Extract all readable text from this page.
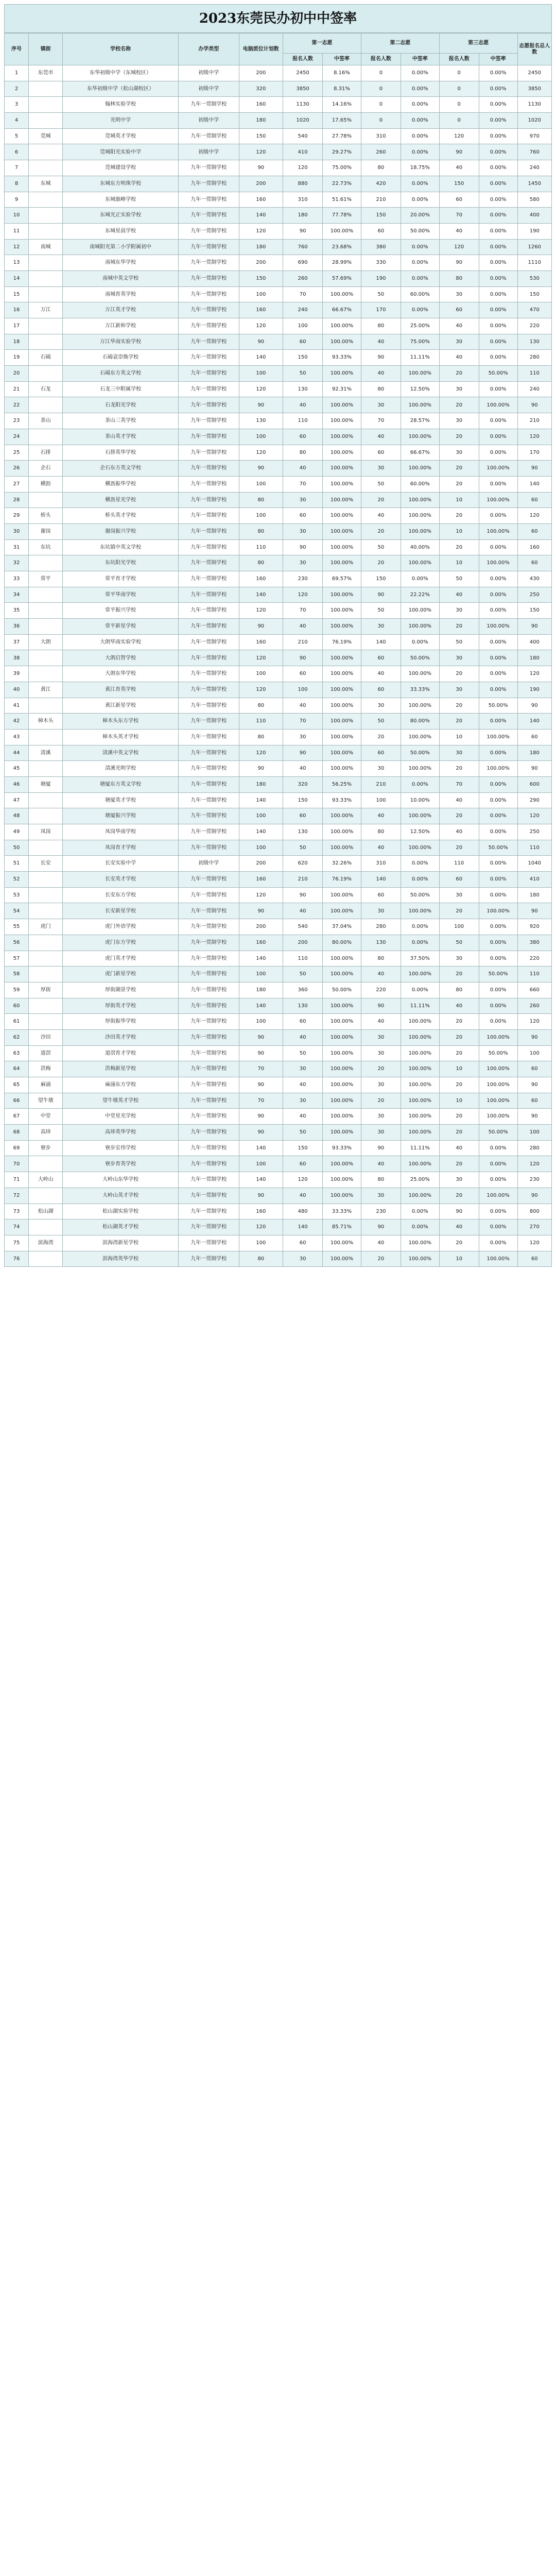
2023东莞民办初中中签率
序号	镇街	学校名称	办学类型	电脑派位计划数	第一志愿		第二志愿		第三志愿		志愿报名总人数
					报名人数	中签率	报名人数	中签率	报名人数	中签率	
1	东莞市	东华初级中学（东城校区）	初级中学	200	2450	8.16%	0	0.00%	0	0.00%	2450
2		东华初级中学（松山湖校区）	初级中学	320	3850	8.31%	0	0.00%	0	0.00%	3850
3		翰林实验学校	九年一贯制学校	160	1130	14.16%	0	0.00%	0	0.00%	1130
4		光明中学	初级中学	180	1020	17.65%	0	0.00%	0	0.00%	1020
5	莞城	莞城英才学校	九年一贯制学校	150	540	27.78%	310	0.00%	120	0.00%	970
6		莞城阳光实验中学	初级中学	120	410	29.27%	260	0.00%	90	0.00%	760
7		莞城建设学校	九年一贯制学校	90	120	75.00%	80	18.75%	40	0.00%	240
8	东城	东城东方明珠学校	九年一贯制学校	200	880	22.73%	420	0.00%	150	0.00%	1450
9		东城旗峰学校	九年一贯制学校	160	310	51.61%	210	0.00%	60	0.00%	580
10		东城光正实验学校	九年一贯制学校	140	180	77.78%	150	20.00%	70	0.00%	400
11		东城星晨学校	九年一贯制学校	120	90	100.00%	60	50.00%	40	0.00%	190
12	南城	南城阳光第二小学附属初中	九年一贯制学校	180	760	23.68%	380	0.00%	120	0.00%	1260
13		南城东华学校	九年一贯制学校	200	690	28.99%	330	0.00%	90	0.00%	1110
14		南城中英文学校	九年一贯制学校	150	260	57.69%	190	0.00%	80	0.00%	530
15		南城育英学校	九年一贯制学校	100	70	100.00%	50	60.00%	30	0.00%	150
16	万江	万江英才学校	九年一贯制学校	160	240	66.67%	170	0.00%	60	0.00%	470
17		万江新和学校	九年一贯制学校	120	100	100.00%	80	25.00%	40	0.00%	220
18		万江华南实验学校	九年一贯制学校	90	60	100.00%	40	75.00%	30	0.00%	130
19	石碣	石碣袁崇焕学校	九年一贯制学校	140	150	93.33%	90	11.11%	40	0.00%	280
20		石碣东方英文学校	九年一贯制学校	100	50	100.00%	40	100.00%	20	50.00%	110
21	石龙	石龙三中附属学校	九年一贯制学校	120	130	92.31%	80	12.50%	30	0.00%	240
22		石龙阳光学校	九年一贯制学校	90	40	100.00%	30	100.00%	20	100.00%	90
23	茶山	茶山三英学校	九年一贯制学校	130	110	100.00%	70	28.57%	30	0.00%	210
24		茶山英才学校	九年一贯制学校	100	60	100.00%	40	100.00%	20	0.00%	120
25	石排	石排英华学校	九年一贯制学校	120	80	100.00%	60	66.67%	30	0.00%	170
26	企石	企石东方英文学校	九年一贯制学校	90	40	100.00%	30	100.00%	20	100.00%	90
27	横沥	横沥振华学校	九年一贯制学校	100	70	100.00%	50	60.00%	20	0.00%	140
28		横沥星光学校	九年一贯制学校	80	30	100.00%	20	100.00%	10	100.00%	60
29	桥头	桥头英才学校	九年一贯制学校	100	60	100.00%	40	100.00%	20	0.00%	120
30	谢岗	谢岗振兴学校	九年一贯制学校	80	30	100.00%	20	100.00%	10	100.00%	60
31	东坑	东坑镇中英文学校	九年一贯制学校	110	90	100.00%	50	40.00%	20	0.00%	160
32		东坑阳光学校	九年一贯制学校	80	30	100.00%	20	100.00%	10	100.00%	60
33	常平	常平育才学校	九年一贯制学校	160	230	69.57%	150	0.00%	50	0.00%	430
34		常平华南学校	九年一贯制学校	140	120	100.00%	90	22.22%	40	0.00%	250
35		常平振兴学校	九年一贯制学校	120	70	100.00%	50	100.00%	30	0.00%	150
36		常平新星学校	九年一贯制学校	90	40	100.00%	30	100.00%	20	100.00%	90
37	大朗	大朗华南实验学校	九年一贯制学校	160	210	76.19%	140	0.00%	50	0.00%	400
38		大朗启智学校	九年一贯制学校	120	90	100.00%	60	50.00%	30	0.00%	180
39		大朗东华学校	九年一贯制学校	100	60	100.00%	40	100.00%	20	0.00%	120
40	黄江	黄江育英学校	九年一贯制学校	120	100	100.00%	60	33.33%	30	0.00%	190
41		黄江新星学校	九年一贯制学校	80	40	100.00%	30	100.00%	20	50.00%	90
42	樟木头	樟木头东方学校	九年一贯制学校	110	70	100.00%	50	80.00%	20	0.00%	140
43		樟木头英才学校	九年一贯制学校	80	30	100.00%	20	100.00%	10	100.00%	60
44	清溪	清溪中英文学校	九年一贯制学校	120	90	100.00%	60	50.00%	30	0.00%	180
45		清溪光明学校	九年一贯制学校	90	40	100.00%	30	100.00%	20	100.00%	90
46	塘厦	塘厦东方英文学校	九年一贯制学校	180	320	56.25%	210	0.00%	70	0.00%	600
47		塘厦英才学校	九年一贯制学校	140	150	93.33%	100	10.00%	40	0.00%	290
48		塘厦振兴学校	九年一贯制学校	100	60	100.00%	40	100.00%	20	0.00%	120
49	凤岗	凤岗华南学校	九年一贯制学校	140	130	100.00%	80	12.50%	40	0.00%	250
50		凤岗育才学校	九年一贯制学校	100	50	100.00%	40	100.00%	20	50.00%	110
51	长安	长安实验中学	初级中学	200	620	32.26%	310	0.00%	110	0.00%	1040
52		长安英才学校	九年一贯制学校	160	210	76.19%	140	0.00%	60	0.00%	410
53		长安东方学校	九年一贯制学校	120	90	100.00%	60	50.00%	30	0.00%	180
54		长安新星学校	九年一贯制学校	90	40	100.00%	30	100.00%	20	100.00%	90
55	虎门	虎门外语学校	九年一贯制学校	200	540	37.04%	280	0.00%	100	0.00%	920
56		虎门东方学校	九年一贯制学校	160	200	80.00%	130	0.00%	50	0.00%	380
57		虎门英才学校	九年一贯制学校	140	110	100.00%	80	37.50%	30	0.00%	220
58		虎门新星学校	九年一贯制学校	100	50	100.00%	40	100.00%	20	50.00%	110
59	厚街	厚街湖景学校	九年一贯制学校	180	360	50.00%	220	0.00%	80	0.00%	660
60		厚街英才学校	九年一贯制学校	140	130	100.00%	90	11.11%	40	0.00%	260
61		厚街振华学校	九年一贯制学校	100	60	100.00%	40	100.00%	20	0.00%	120
62	沙田	沙田英才学校	九年一贯制学校	90	40	100.00%	30	100.00%	20	100.00%	90
63	道滘	道滘育才学校	九年一贯制学校	90	50	100.00%	30	100.00%	20	50.00%	100
64	洪梅	洪梅新星学校	九年一贯制学校	70	30	100.00%	20	100.00%	10	100.00%	60
65	麻涌	麻涌东方学校	九年一贯制学校	90	40	100.00%	30	100.00%	20	100.00%	90
66	望牛墩	望牛墩英才学校	九年一贯制学校	70	30	100.00%	20	100.00%	10	100.00%	60
67	中堂	中堂星光学校	九年一贯制学校	90	40	100.00%	30	100.00%	20	100.00%	90
68	高埗	高埗英华学校	九年一贯制学校	90	50	100.00%	30	100.00%	20	50.00%	100
69	寮步	寮步宏伟学校	九年一贯制学校	140	150	93.33%	90	11.11%	40	0.00%	280
70		寮步育英学校	九年一贯制学校	100	60	100.00%	40	100.00%	20	0.00%	120
71	大岭山	大岭山东华学校	九年一贯制学校	140	120	100.00%	80	25.00%	30	0.00%	230
72		大岭山英才学校	九年一贯制学校	90	40	100.00%	30	100.00%	20	100.00%	90
73	松山湖	松山湖实验学校	九年一贯制学校	160	480	33.33%	230	0.00%	90	0.00%	800
74		松山湖英才学校	九年一贯制学校	120	140	85.71%	90	0.00%	40	0.00%	270
75	滨海湾	滨海湾新星学校	九年一贯制学校	100	60	100.00%	40	100.00%	20	0.00%	120
76		滨海湾英华学校	九年一贯制学校	80	30	100.00%	20	100.00%	10	100.00%	60
